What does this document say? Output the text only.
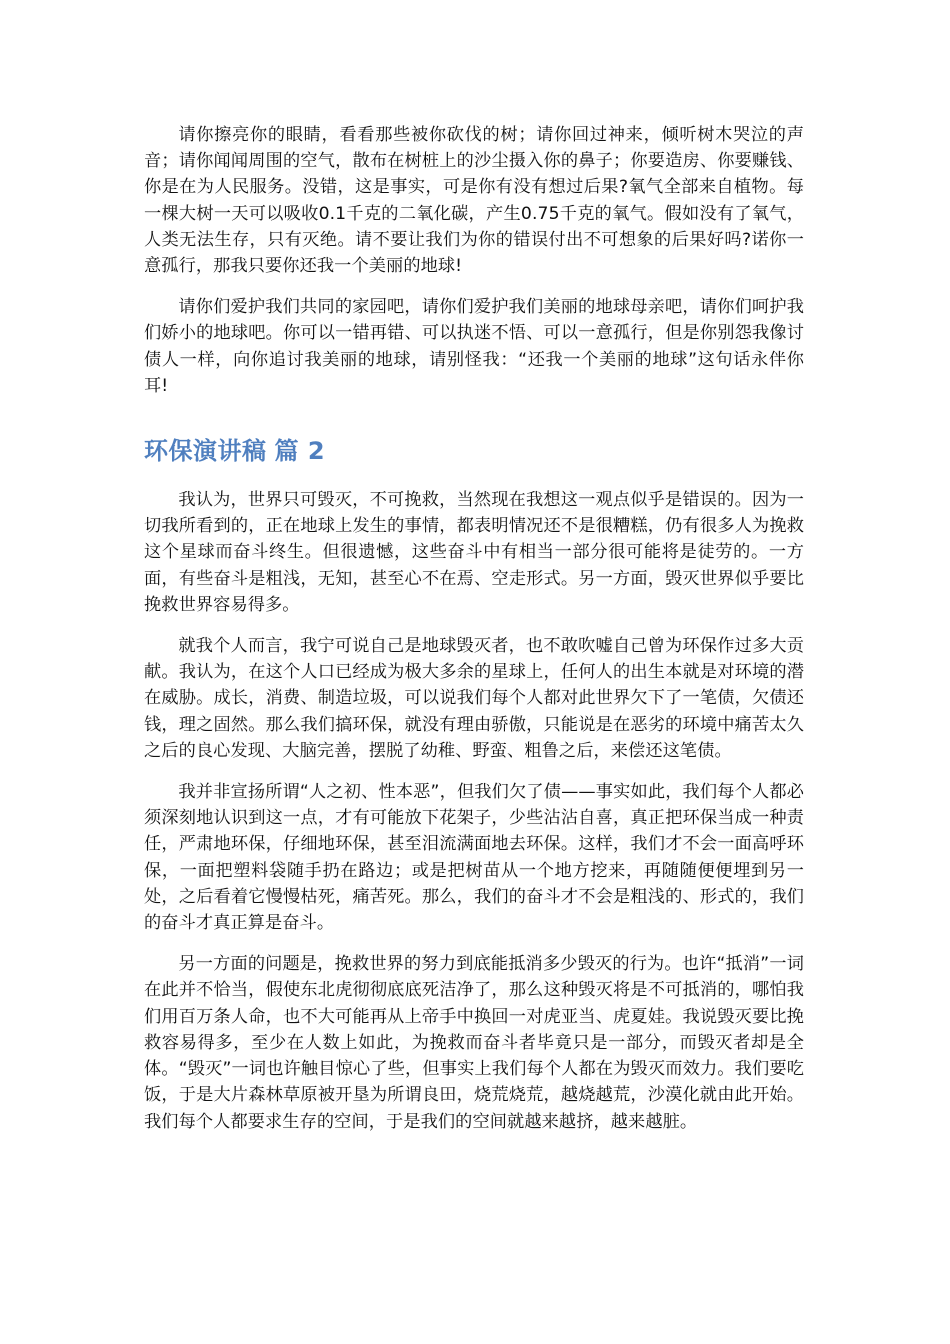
请你擦亮你的眼睛，看看那些被你砍伐的树；请你回过神来，倾听树木哭泣的声音；请你闻闻周围的空气，散布在树桩上的沙尘摄入你的鼻子；你要造房、你要赚钱、你是在为人民服务。没错，这是事实，可是你有没有想过后果?氧气全部来自植物。每一棵大树一天可以吸收0.1千克的二氧化碳，产生0.75千克的氧气。假如没有了氧气，人类无法生存，只有灭绝。请不要让我们为你的错误付出不可想象的后果好吗?诺你一意孤行，那我只要你还我一个美丽的地球!

请你们爱护我们共同的家园吧，请你们爱护我们美丽的地球母亲吧，请你们呵护我们娇小的地球吧。你可以一错再错、可以执迷不悟、可以一意孤行，但是你别怨我像讨债人一样，向你追讨我美丽的地球，请别怪我：“还我一个美丽的地球”这句话永伴你耳!

环保演讲稿 篇 2

我认为，世界只可毁灭，不可挽救，当然现在我想这一观点似乎是错误的。因为一切我所看到的，正在地球上发生的事情，都表明情况还不是很糟糕，仍有很多人为挽救这个星球而奋斗终生。但很遗憾，这些奋斗中有相当一部分很可能将是徒劳的。一方面，有些奋斗是粗浅，无知，甚至心不在焉、空走形式。另一方面，毁灭世界似乎要比挽救世界容易得多。

就我个人而言，我宁可说自己是地球毁灭者，也不敢吹嘘自己曾为环保作过多大贡献。我认为，在这个人口已经成为极大多余的星球上，任何人的出生本就是对环境的潜在威胁。成长，消费、制造垃圾，可以说我们每个人都对此世界欠下了一笔债，欠债还钱，理之固然。那么我们搞环保，就没有理由骄傲，只能说是在恶劣的环境中痛苦太久之后的良心发现、大脑完善，摆脱了幼稚、野蛮、粗鲁之后，来偿还这笔债。

我并非宣扬所谓“人之初、性本恶”，但我们欠了债——事实如此，我们每个人都必须深刻地认识到这一点，才有可能放下花架子，少些沾沾自喜，真正把环保当成一种责任，严肃地环保，仔细地环保，甚至泪流满面地去环保。这样，我们才不会一面高呼环保，一面把塑料袋随手扔在路边；或是把树苗从一个地方挖来，再随随便便埋到另一处，之后看着它慢慢枯死，痛苦死。那么，我们的奋斗才不会是粗浅的、形式的，我们的奋斗才真正算是奋斗。

另一方面的问题是，挽救世界的努力到底能抵消多少毁灭的行为。也许“抵消”一词在此并不恰当，假使东北虎彻彻底底死洁净了，那么这种毁灭将是不可抵消的，哪怕我们用百万条人命，也不大可能再从上帝手中换回一对虎亚当、虎夏娃。我说毁灭要比挽救容易得多，至少在人数上如此，为挽救而奋斗者毕竟只是一部分，而毁灭者却是全体。“毁灭”一词也许触目惊心了些，但事实上我们每个人都在为毁灭而效力。我们要吃饭，于是大片森林草原被开垦为所谓良田，烧荒烧荒，越烧越荒，沙漠化就由此开始。我们每个人都要求生存的空间，于是我们的空间就越来越挤，越来越脏。
